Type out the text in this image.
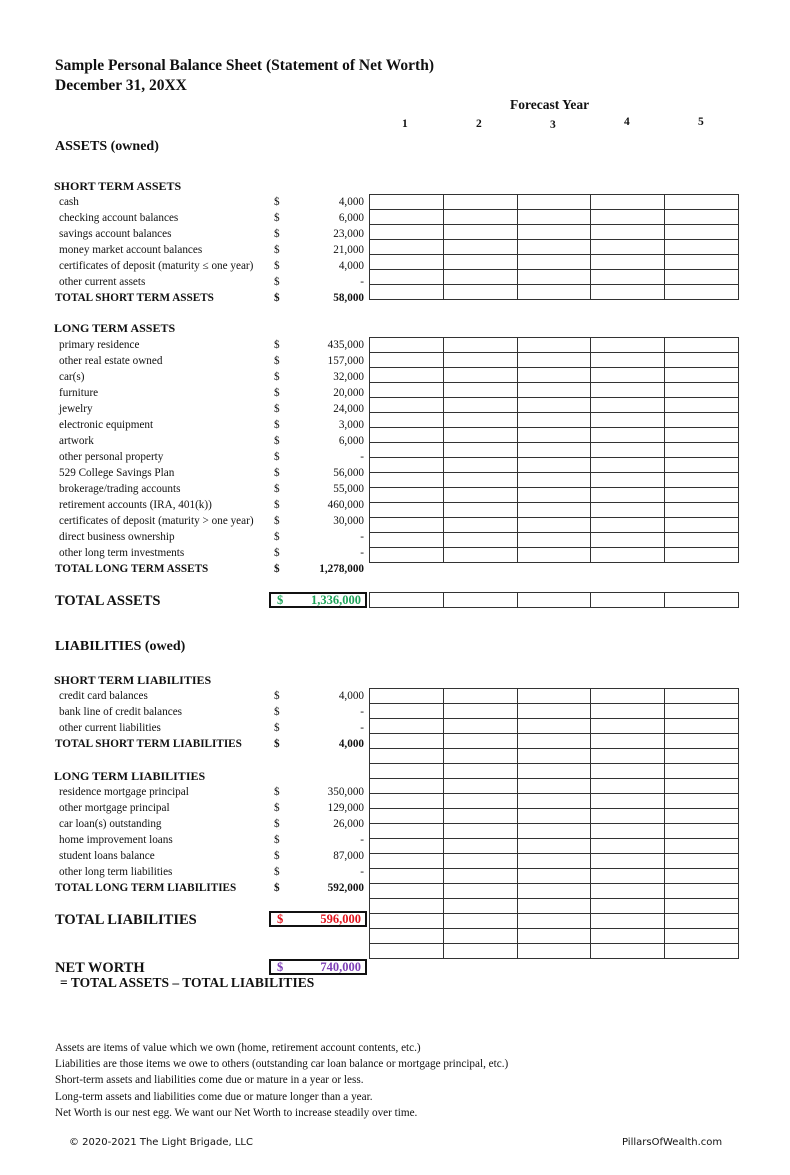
Sample Personal Balance Sheet (Statement of Net Worth)
December 31, 20XX
Forecast Year
1	2	3	4	5
ASSETS (owned)
SHORT TERM ASSETS
cash	$	4,000
checking account balances	$	6,000
savings account balances	$	23,000
money market account balances	$	21,000
certificates of deposit (maturity ≤ one year) $	4,000
other current assets	$	-
TOTAL SHORT TERM ASSETS	$	58,000

LONG TERM ASSETS
primary residence	$	435,000
other real estate owned	$	157,000
car(s)	$	32,000
furniture	$	20,000
jewelry	$	24,000
electronic equipment	$	3,000
artwork	$	6,000
other personal property	$	-
529 College Savings Plan	$	56,000
brokerage/trading accounts	$	55,000
retirement accounts (IRA, 401(k))	$	460,000
certificates of deposit (maturity > one year) $	30,000
direct business ownership	$	-
other long term investments	$	-
TOTAL LONG TERM ASSETS	$	1,278,000

TOTAL ASSETS	$ 1,336,000

LIABILITIES (owed)
SHORT TERM LIABILITIES
credit card balances	$	4,000
bank line of credit balances	$	-
other current liabilities	$	-
TOTAL SHORT TERM LIABILITIES	$	4,000
LONG TERM LIABILITIES
residence mortgage principal	$	350,000
other mortgage principal	$	129,000
car loan(s) outstanding	$	26,000
home improvement loans	$	-
student loans balance	$	87,000
other long term liabilities	$	-
TOTAL LONG TERM LIABILITIES	$	592,000

TOTAL LIABILITIES	$	596,000
NET WORTH
= TOTAL ASSETS – TOTAL LIABILITIES
$	740,000
Assets are items of value which we own (home, retirement account contents, etc.)
Liabilities are those items we owe to others (outstanding car loan balance or mortgage principal, etc.)
Short-term assets and liabilities come due or mature in a year or less.
Long-term assets and liabilities come due or mature longer than a year.
Net Worth is our nest egg. We want our Net Worth to increase steadily over time.
© 2020-2021 The Light Brigade, LLC	PillarsOfWealth.com
